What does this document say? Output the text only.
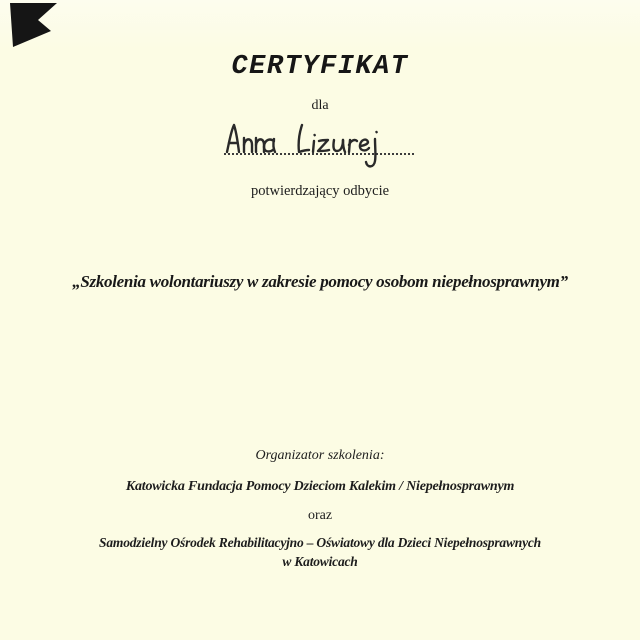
CERTYFIKAT
dla
potwierdzający odbycie
„Szkolenia wolontariuszy w zakresie pomocy osobom niepełnosprawnym”
Organizator szkolenia:
Katowicka Fundacja Pomocy Dzieciom Kalekim / Niepełnosprawnym
oraz
Samodzielny Ośrodek Rehabilitacyjno – Oświatowy dla Dzieci Niepełnosprawnych
w Katowicach
